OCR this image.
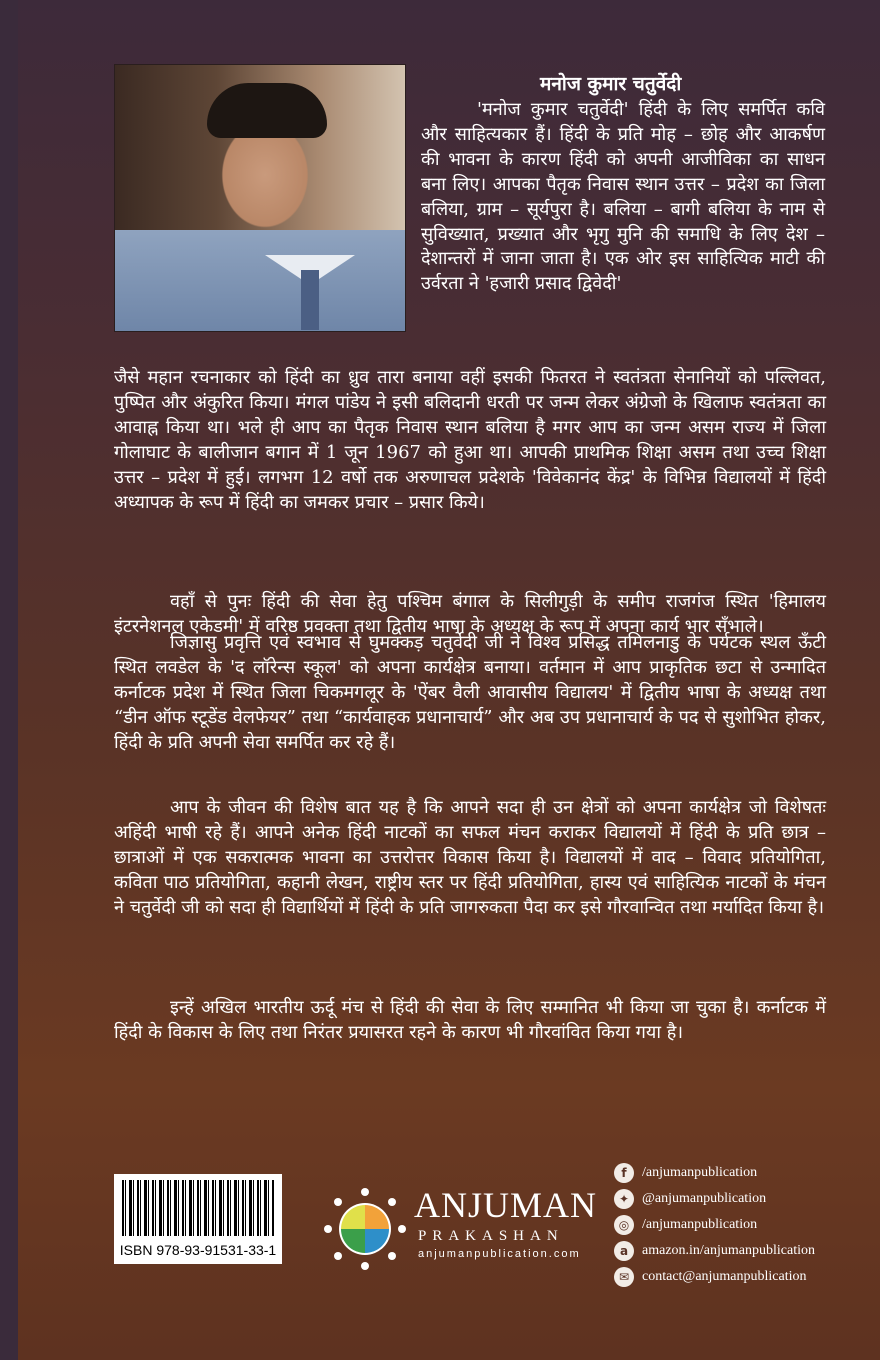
मनोज कुमार चतुर्वेदी
'मनोज कुमार चतुर्वेदी' हिंदी के लिए समर्पित कवि और साहित्यकार हैं। हिंदी के प्रति मोह – छोह और आकर्षण की भावना के कारण हिंदी को अपनी आजीविका का साधन बना लिए। आपका पैतृक निवास स्थान उत्तर – प्रदेश का जिला बलिया, ग्राम – सूर्यपुरा है। बलिया – बागी बलिया के नाम से सुविख्यात, प्रख्यात और भृगु मुनि की समाधि के लिए देश – देशान्तरों में जाना जाता है। एक ओर इस साहित्यिक माटी की उर्वरता ने 'हजारी प्रसाद द्विवेदी'
जैसे महान रचनाकार को हिंदी का ध्रुव तारा बनाया वहीं इसकी फितरत ने स्वतंत्रता सेनानियों को पल्लिवत, पुष्पित और अंकुरित किया। मंगल पांडेय ने इसी बलिदानी धरती पर जन्म लेकर अंग्रेजो के खिलाफ स्वतंत्रता का आवाह्न किया था। भले ही आप का पैतृक निवास स्थान बलिया है मगर आप का जन्म असम राज्य में जिला गोलाघाट के बालीजान बगान में 1 जून 1967 को हुआ था। आपकी प्राथमिक शिक्षा असम तथा उच्च शिक्षा उत्तर – प्रदेश में हुई। लगभग 12 वर्षो तक अरुणाचल प्रदेशके 'विवेकानंद केंद्र' के विभिन्न विद्यालयों में हिंदी अध्यापक के रूप में हिंदी का जमकर प्रचार – प्रसार किये।
वहाँ से पुनः हिंदी की सेवा हेतु पश्चिम बंगाल के सिलीगुड़ी के समीप राजगंज स्थित 'हिमालय इंटरनेशनल एकेडमी' में वरिष्ठ प्रवक्ता तथा द्वितीय भाषा के अध्यक्ष के रूप में अपना कार्य भार सँभाले।
जिज्ञासु प्रवृत्ति एवं स्वभाव से घुमक्कड़ चतुर्वेदी जी ने विश्व प्रसिद्ध तमिलनाडु के पर्यटक स्थल ऊँटी स्थित लवडेल के 'द लॉरेन्स स्कूल' को अपना कार्यक्षेत्र बनाया। वर्तमान में आप प्राकृतिक छटा से उन्मादित कर्नाटक प्रदेश में स्थित जिला चिकमगलूर के 'ऐंबर वैली आवासीय विद्यालय' में द्वितीय भाषा के अध्यक्ष तथा “डीन ऑफ स्टूडेंड वेलफेयर” तथा “कार्यवाहक प्रधानाचार्य” और अब उप प्रधानाचार्य के पद से सुशोभित होकर, हिंदी के प्रति अपनी सेवा समर्पित कर रहे हैं।
आप के जीवन की विशेष बात यह है कि आपने सदा ही उन क्षेत्रों को अपना कार्यक्षेत्र जो विशेषतः अहिंदी भाषी रहे हैं। आपने अनेक हिंदी नाटकों का सफल मंचन कराकर विद्यालयों में हिंदी के प्रति छात्र – छात्राओं में एक सकरात्मक भावना का उत्तरोत्तर विकास किया है। विद्यालयों में वाद – विवाद प्रतियोगिता, कविता पाठ प्रतियोगिता, कहानी लेखन, राष्ट्रीय स्तर पर हिंदी प्रतियोगिता, हास्य एवं साहित्यिक नाटकों के मंचन ने चतुर्वेदी जी को सदा ही विद्यार्थियों में हिंदी के प्रति जागरुकता पैदा कर इसे गौरवान्वित तथा मर्यादित किया है।
इन्हें अखिल भारतीय ऊर्दू मंच से हिंदी की सेवा के लिए सम्मानित भी किया जा चुका है। कर्नाटक में हिंदी के विकास के लिए तथा निरंतर प्रयासरत रहने के कारण भी गौरवांवित किया गया है।
ISBN 978-93-91531-33-1
ANJUMAN
PRAKASHAN
anjumanpublication.com
f	/anjumanpublication
✦ @anjumanpublication
◎ /anjumanpublication
a amazon.in/anjumanpublication
✉ contact@anjumanpublication
